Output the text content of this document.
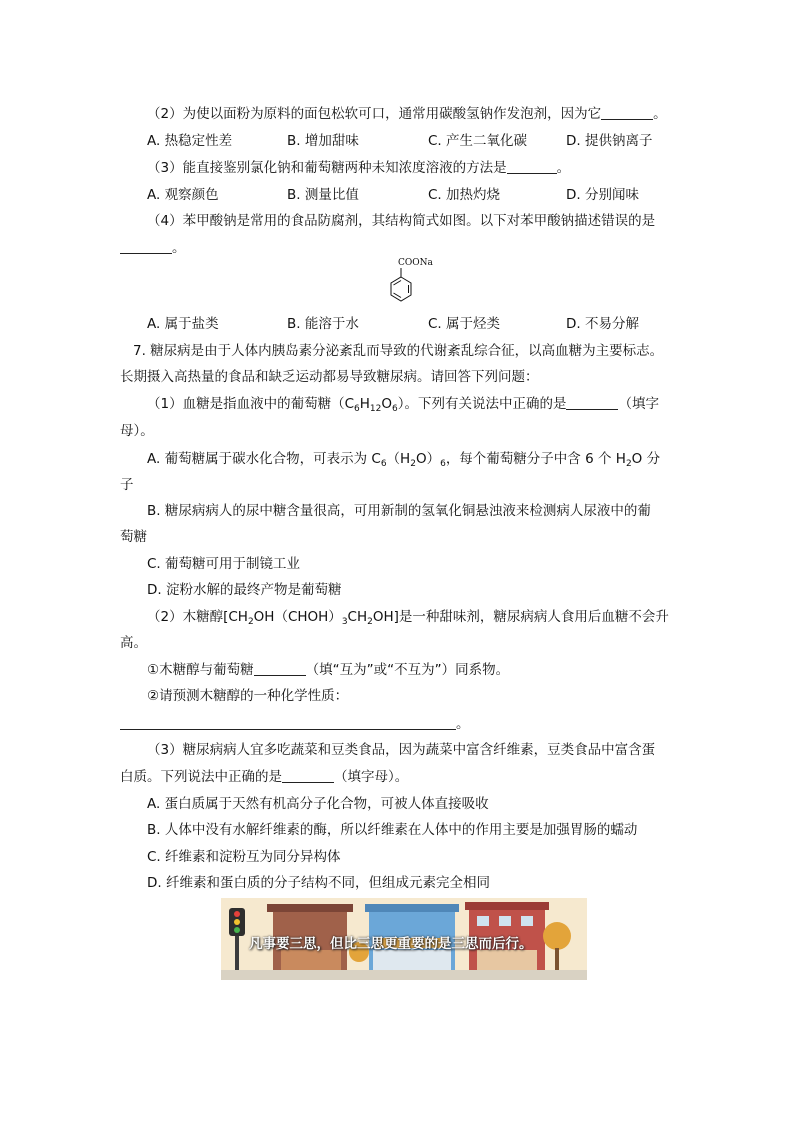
（2）为使以面粉为原料的面包松软可口，通常用碳酸氢钠作发泡剂，因为它	。
A. 热稳定性差	B. 增加甜味	C. 产生二氧化碳	D. 提供钠离子
（3）能直接鉴别氯化钠和葡萄糖两种未知浓度溶液的方法是	。
A. 观察颜色	B. 测量比值	C. 加热灼烧	D. 分别闻味
（4）苯甲酸钠是常用的食品防腐剂，其结构简式如图。以下对苯甲酸钠描述错误的是
。
COONa
A. 属于盐类	B. 能溶于水	C. 属于烃类	D. 不易分解
7. 糖尿病是由于人体内胰岛素分泌紊乱而导致的代谢紊乱综合征，以高血糖为主要标志。
长期摄入高热量的食品和缺乏运动都易导致糖尿病。请回答下列问题：
（1）血糖是指血液中的葡萄糖$(C_6H_{12}O_6)$。下列有关说法中正确的是	（填字
母）。
A. 葡萄糖属于碳水化合物，可表示为 $C_6(H_2O)_6$，每个葡萄糖分子中含 6 个 $H_2O$ 分
子
B. 糖尿病病人的尿中糖含量很高，可用新制的氢氧化铜悬浊液来检测病人尿液中的葡
萄糖
C. 葡萄糖可用于制镜工业
D. 淀粉水解的最终产物是葡萄糖
（2）木糖醇$[CH_2OH(CHOH)_3CH_2OH]$是一种甜味剂，糖尿病病人食用后血糖不会升
高。
①木糖醇与葡萄糖	（填“互为”或“不互为”）同系物。
②请预测木糖醇的一种化学性质：
。
（3）糖尿病病人宜多吃蔬菜和豆类食品，因为蔬菜中富含纤维素，豆类食品中富含蛋
白质。下列说法中正确的是	（填字母）。
A. 蛋白质属于天然有机高分子化合物，可被人体直接吸收
B. 人体中没有水解纤维素的酶，所以纤维素在人体中的作用主要是加强胃肠的蠕动
C. 纤维素和淀粉互为同分异构体
D. 纤维素和蛋白质的分子结构不同，但组成元素完全相同
凡事要三思，但比三思更重要的是三思而后行。
